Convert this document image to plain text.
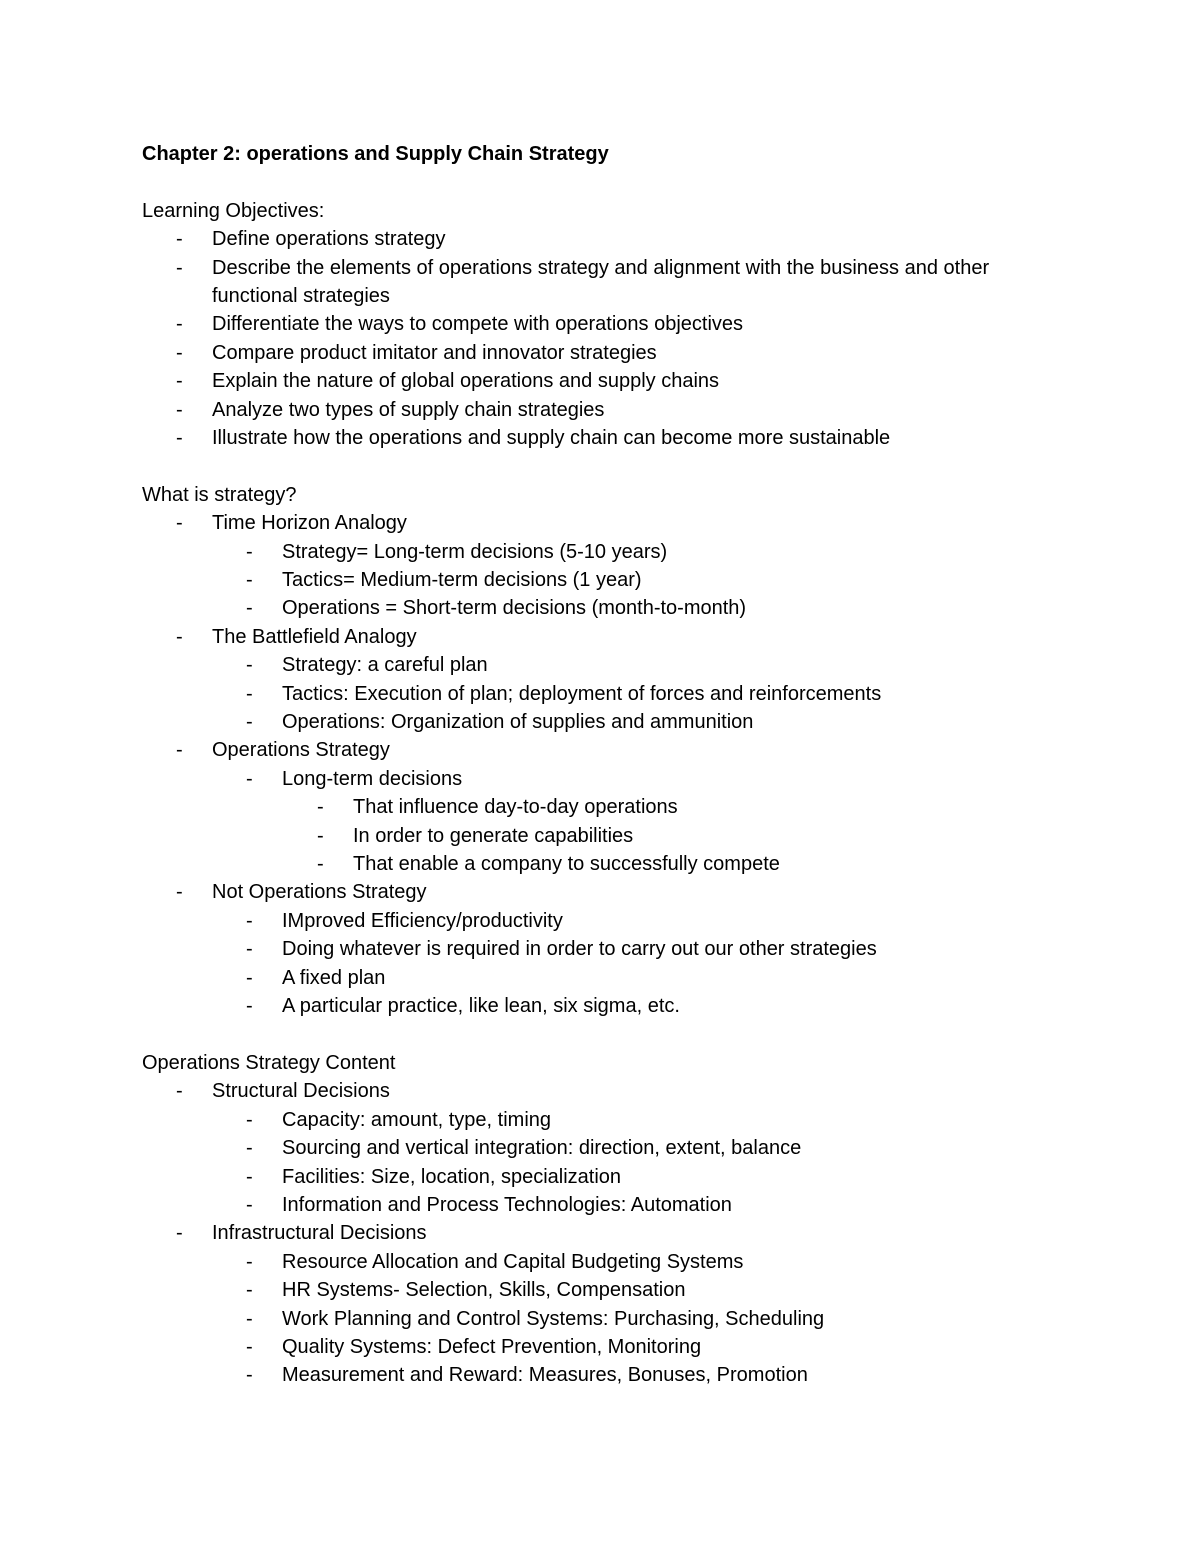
Chapter 2: operations and Supply Chain Strategy
Learning Objectives:
- Define operations strategy
- Describe the elements of operations strategy and alignment with the business and other functional strategies
- Differentiate the ways to compete with operations objectives
- Compare product imitator and innovator strategies
- Explain the nature of global operations and supply chains
- Analyze two types of supply chain strategies
- Illustrate how the operations and supply chain can become more sustainable
What is strategy?
- Time Horizon Analogy
- Strategy= Long-term decisions (5-10 years)
- Tactics= Medium-term decisions (1 year)
- Operations = Short-term decisions (month-to-month)
- The Battlefield Analogy
- Strategy: a careful plan
- Tactics: Execution of plan; deployment of forces and reinforcements
- Operations: Organization of supplies and ammunition
- Operations Strategy
- Long-term decisions
- That influence day-to-day operations
- In order to generate capabilities
- That enable a company to successfully compete
- Not Operations Strategy
- IMproved Efficiency/productivity
- Doing whatever is required in order to carry out our other strategies
- A fixed plan
- A particular practice, like lean, six sigma, etc.
Operations Strategy Content
- Structural Decisions
- Capacity: amount, type, timing
- Sourcing and vertical integration: direction, extent, balance
- Facilities: Size, location, specialization
- Information and Process Technologies: Automation
- Infrastructural Decisions
- Resource Allocation and Capital Budgeting Systems
- HR Systems- Selection, Skills, Compensation
- Work Planning and Control Systems: Purchasing, Scheduling
- Quality Systems: Defect Prevention, Monitoring
- Measurement and Reward: Measures, Bonuses, Promotion
